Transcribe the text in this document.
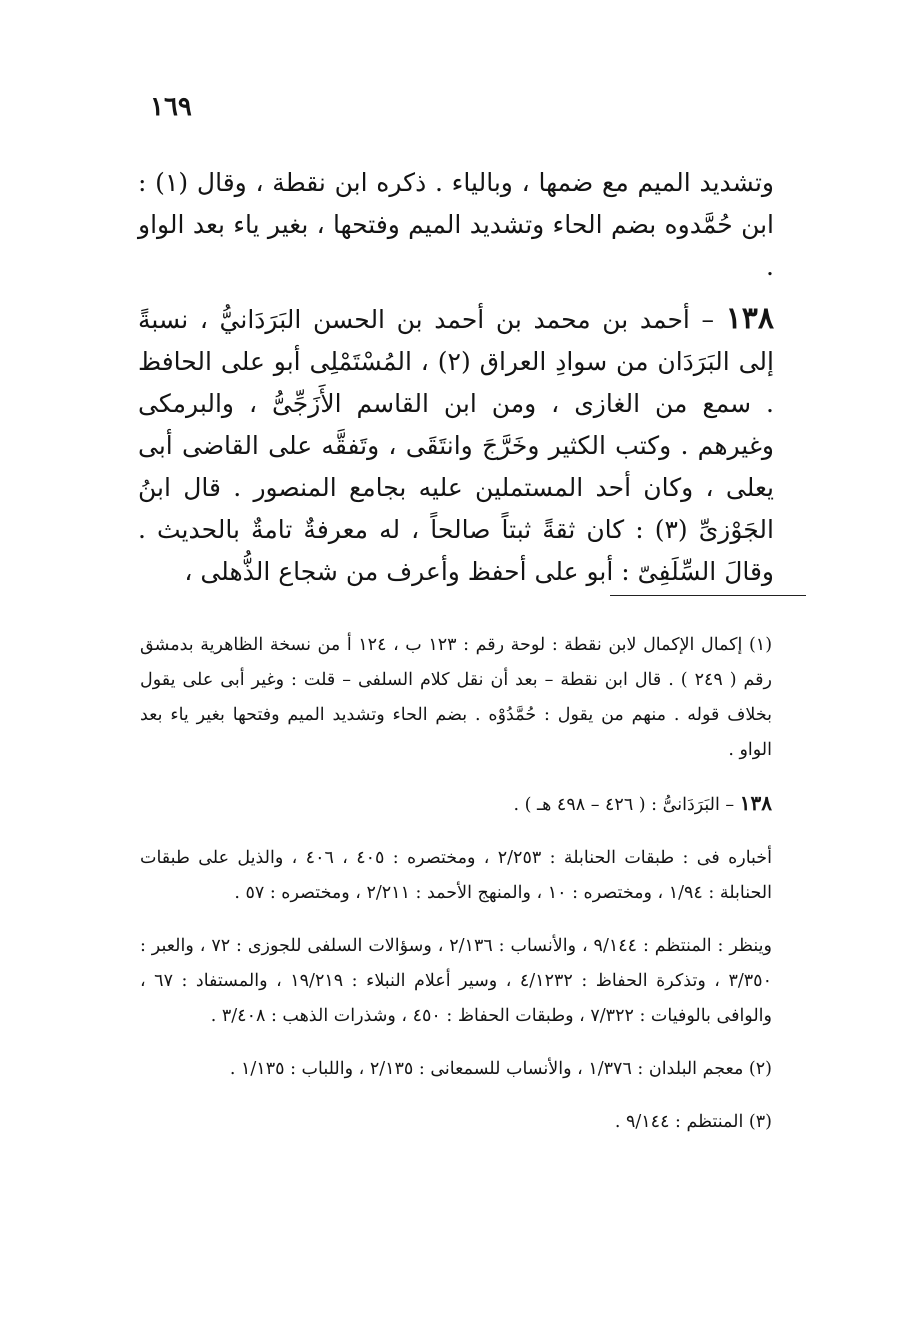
١٦٩

وتشديد الميم مع ضمها ، وبالياء . ذكره ابن نقطة ، وقال (١) : ابن حُمَّدوه بضم الحاء وتشديد الميم وفتحها ، بغير ياء بعد الواو .

١٣٨ – أحمد بن محمد بن أحمد بن الحسن البَرَدَانيُّ ، نسبةً إلى البَرَدَان من سوادِ العراق (٢) ، المُسْتَمْلِى أبو على الحافظ . سمع من الغازى ، ومن ابن القاسم الأَزَجِّىُّ ، والبرمكى وغيرهم . وكتب الكثير وخَرَّجَ وانتَقَى ، وتَفقَّه على القاضى أبى يعلى ، وكان أحد المستملين عليه بجامع المنصور . قال ابنُ الجَوْزىِّ (٣) : كان ثقةً ثبتاً صالحاً ، له معرفةٌ تامةٌ بالحديث . وقالَ السِّلَفِىّ : أبو على أحفظ وأعرف من شجاع الذُّهلى ،

(١) إكمال الإكمال لابن نقطة : لوحة رقم : ١٢٣ ب ، ١٢٤ أ من نسخة الظاهرية بدمشق رقم ( ٢٤٩ ) . قال ابن نقطة – بعد أن نقل كلام السلفى – قلت : وغير أبى على يقول بخلاف قوله . منهم من يقول : حُمَّدُوْه . بضم الحاء وتشديد الميم وفتحها بغير ياء بعد الواو .

١٣٨ – البَرَدَانىُّ : ( ٤٢٦ – ٤٩٨ هـ ) .

أخباره فى : طبقات الحنابلة : ٢/٢٥٣ ، ومختصره : ٤٠٥ ، ٤٠٦ ، والذيل على طبقات الحنابلة : ١/٩٤ ، ومختصره : ١٠ ، والمنهج الأحمد : ٢/٢١١ ، ومختصره : ٥٧ .

وينظر : المنتظم : ٩/١٤٤ ، والأنساب : ٢/١٣٦ ، وسؤالات السلفى للجوزى : ٧٢ ، والعبر : ٣/٣٥٠ ، وتذكرة الحفاظ : ٤/١٢٣٢ ، وسير أعلام النبلاء : ١٩/٢١٩ ، والمستفاد : ٦٧ ، والوافى بالوفيات : ٧/٣٢٢ ، وطبقات الحفاظ : ٤٥٠ ، وشذرات الذهب : ٣/٤٠٨ .

(٢) معجم البلدان : ١/٣٧٦ ، والأنساب للسمعانى : ٢/١٣٥ ، واللباب : ١/١٣٥ .

(٣) المنتظم : ٩/١٤٤ .
